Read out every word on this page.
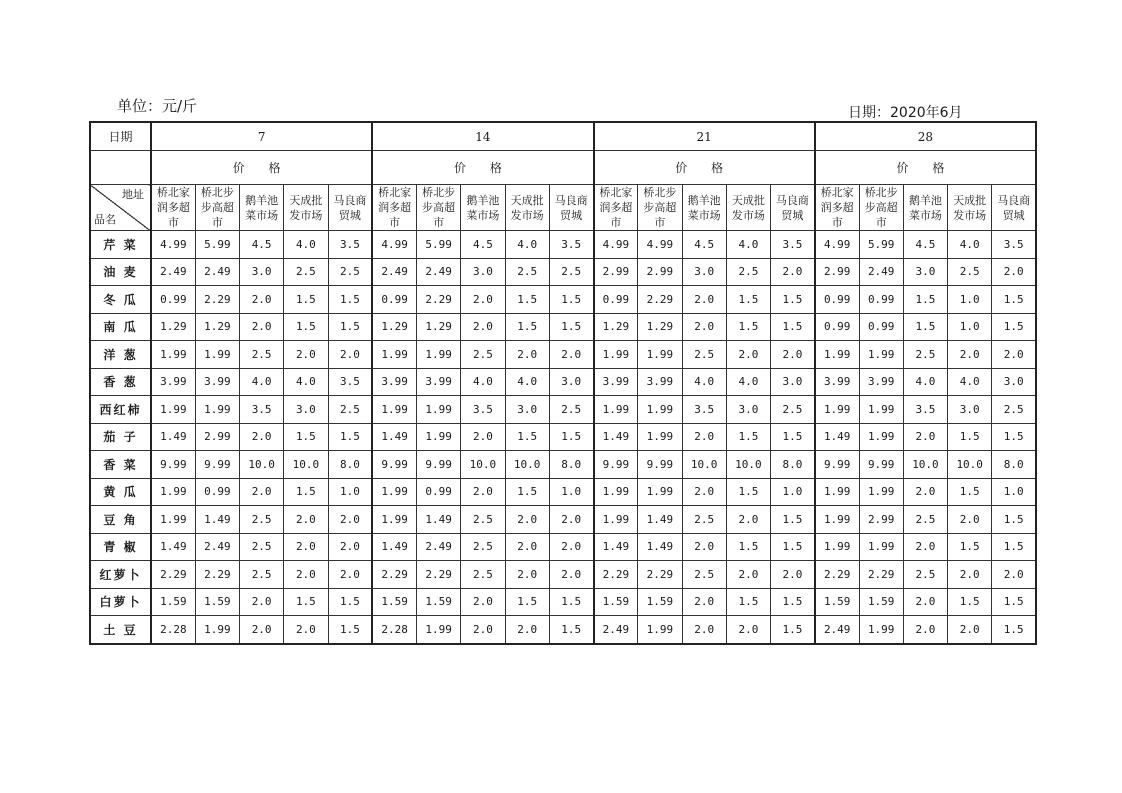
单位：元/斤	日期：2020年6月
日期	7					14					21					28				
	价 格					价 格					价 格					价 格				

地址
品名	桥北家润多超市	桥北步步高超市	鹅羊池菜市场	天成批发市场	马良商贸城	桥北家润多超市	桥北步步高超市	鹅羊池菜市场	天成批发市场	马良商贸城	桥北家润多超市	桥北步步高超市	鹅羊池菜市场	天成批发市场	马良商贸城	桥北家润多超市	桥北步步高超市	鹅羊池菜市场	天成批发市场	马良商贸城
芹 菜	4.99	5.99	4.5	4.0	3.5	4.99	5.99	4.5	4.0	3.5	4.99	4.99	4.5	4.0	3.5	4.99	5.99	4.5	4.0	3.5
油 麦	2.49	2.49	3.0	2.5	2.5	2.49	2.49	3.0	2.5	2.5	2.99	2.99	3.0	2.5	2.0	2.99	2.49	3.0	2.5	2.0
冬 瓜	0.99	2.29	2.0	1.5	1.5	0.99	2.29	2.0	1.5	1.5	0.99	2.29	2.0	1.5	1.5	0.99	0.99	1.5	1.0	1.5
南 瓜	1.29	1.29	2.0	1.5	1.5	1.29	1.29	2.0	1.5	1.5	1.29	1.29	2.0	1.5	1.5	0.99	0.99	1.5	1.0	1.5
洋 葱	1.99	1.99	2.5	2.0	2.0	1.99	1.99	2.5	2.0	2.0	1.99	1.99	2.5	2.0	2.0	1.99	1.99	2.5	2.0	2.0
香 葱	3.99	3.99	4.0	4.0	3.5	3.99	3.99	4.0	4.0	3.0	3.99	3.99	4.0	4.0	3.0	3.99	3.99	4.0	4.0	3.0
西红柿	1.99	1.99	3.5	3.0	2.5	1.99	1.99	3.5	3.0	2.5	1.99	1.99	3.5	3.0	2.5	1.99	1.99	3.5	3.0	2.5
茄 子	1.49	2.99	2.0	1.5	1.5	1.49	1.99	2.0	1.5	1.5	1.49	1.99	2.0	1.5	1.5	1.49	1.99	2.0	1.5	1.5
香 菜	9.99	9.99	10.0	10.0	8.0	9.99	9.99	10.0	10.0	8.0	9.99	9.99	10.0	10.0	8.0	9.99	9.99	10.0	10.0	8.0
黄 瓜	1.99	0.99	2.0	1.5	1.0	1.99	0.99	2.0	1.5	1.0	1.99	1.99	2.0	1.5	1.0	1.99	1.99	2.0	1.5	1.0
豆 角	1.99	1.49	2.5	2.0	2.0	1.99	1.49	2.5	2.0	2.0	1.99	1.49	2.5	2.0	1.5	1.99	2.99	2.5	2.0	1.5
青 椒	1.49	2.49	2.5	2.0	2.0	1.49	2.49	2.5	2.0	2.0	1.49	1.49	2.0	1.5	1.5	1.99	1.99	2.0	1.5	1.5
红萝卜	2.29	2.29	2.5	2.0	2.0	2.29	2.29	2.5	2.0	2.0	2.29	2.29	2.5	2.0	2.0	2.29	2.29	2.5	2.0	2.0
白萝卜	1.59	1.59	2.0	1.5	1.5	1.59	1.59	2.0	1.5	1.5	1.59	1.59	2.0	1.5	1.5	1.59	1.59	2.0	1.5	1.5
土 豆	2.28	1.99	2.0	2.0	1.5	2.28	1.99	2.0	2.0	1.5	2.49	1.99	2.0	2.0	1.5	2.49	1.99	2.0	2.0	1.5
